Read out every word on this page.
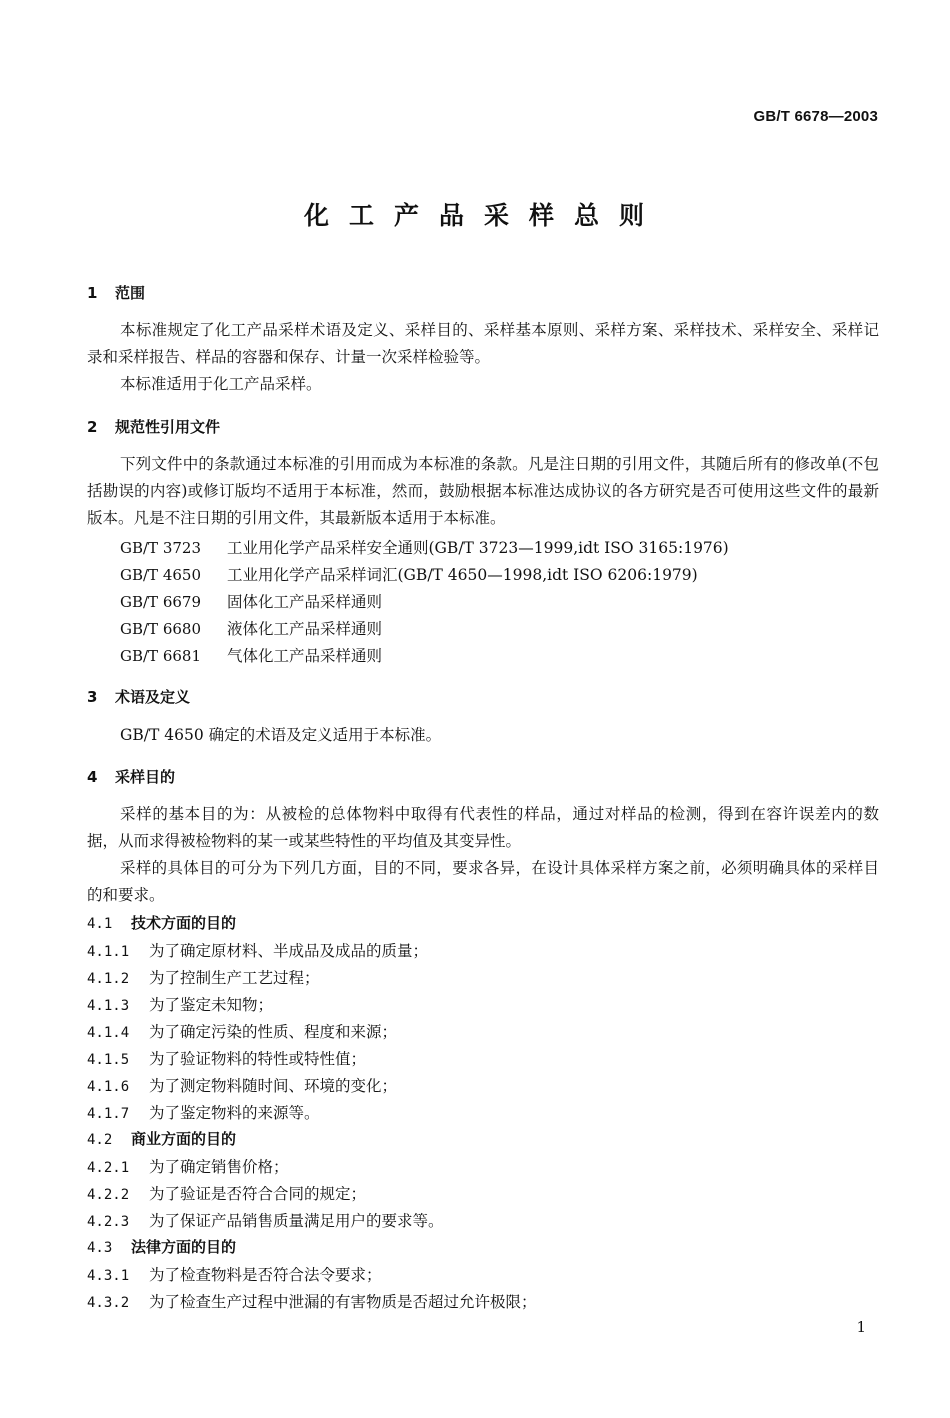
GB/T 6678—2003
化工产品采样总则
1 范围

本标准规定了化工产品采样术语及定义、采样目的、采样基本原则、采样方案、采样技术、采样安全、采样记录和采样报告、样品的容器和保存、计量一次采样检验等。

本标准适用于化工产品采样。

2 规范性引用文件

下列文件中的条款通过本标准的引用而成为本标准的条款。凡是注日期的引用文件，其随后所有的修改单(不包括勘误的内容)或修订版均不适用于本标准，然而，鼓励根据本标准达成协议的各方研究是否可使用这些文件的最新版本。凡是不注日期的引用文件，其最新版本适用于本标准。

GB/T 3723 工业用化学产品采样安全通则(GB/T 3723—1999,idt ISO 3165:1976)
GB/T 4650 工业用化学产品采样词汇(GB/T 4650—1998,idt ISO 6206:1979)
GB/T 6679 固体化工产品采样通则
GB/T 6680 液体化工产品采样通则
GB/T 6681 气体化工产品采样通则
3 术语及定义
GB/T 4650 确定的术语及定义适用于本标准。
4 采样目的

采样的基本目的为：从被检的总体物料中取得有代表性的样品，通过对样品的检测，得到在容许误差内的数据，从而求得被检物料的某一或某些特性的平均值及其变异性。

采样的具体目的可分为下列几方面，目的不同，要求各异，在设计具体采样方案之前，必须明确具体的采样目的和要求。

4.1 技术方面的目的
4.1.1 为了确定原材料、半成品及成品的质量；
4.1.2 为了控制生产工艺过程；
4.1.3 为了鉴定未知物；
4.1.4 为了确定污染的性质、程度和来源；
4.1.5 为了验证物料的特性或特性值；
4.1.6 为了测定物料随时间、环境的变化；
4.1.7 为了鉴定物料的来源等。
4.2 商业方面的目的
4.2.1 为了确定销售价格；
4.2.2 为了验证是否符合合同的规定；
4.2.3 为了保证产品销售质量满足用户的要求等。
4.3 法律方面的目的
4.3.1 为了检查物料是否符合法令要求；
4.3.2 为了检查生产过程中泄漏的有害物质是否超过允许极限；
1
